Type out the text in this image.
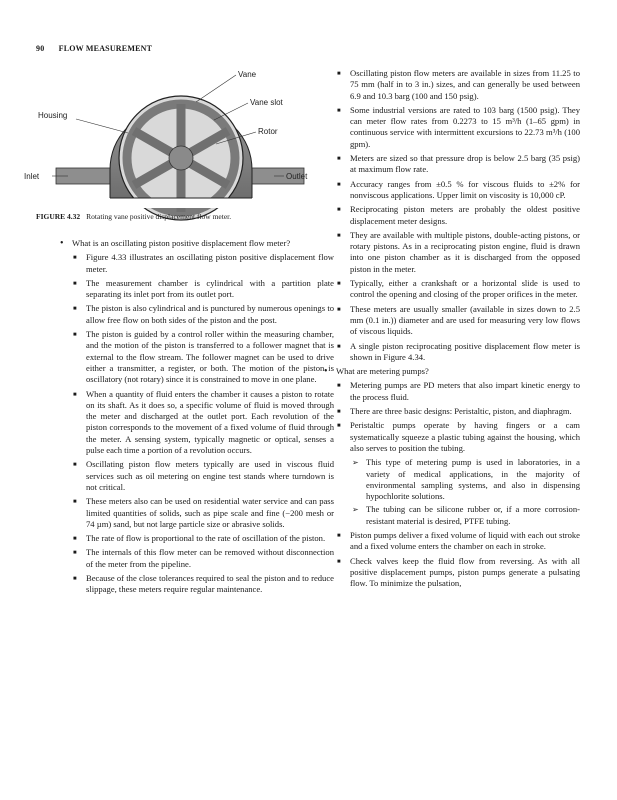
90 FLOW MEASUREMENT
Vane
Vane slot
Housing
Rotor
Inlet	Outlet
FIGURE 4.32 Rotating vane positive displacement flow meter.
• What is an oscillating piston positive displacement flow meter?
■ Figure 4.33 illustrates an oscillating piston positive displacement flow meter.
■ The measurement chamber is cylindrical with a partition plate separating its inlet port from its outlet port.
■ The piston is also cylindrical and is punctured by numerous openings to allow free flow on both sides of the piston and the post.
■ The piston is guided by a control roller within the measuring chamber, and the motion of the piston is transferred to a follower magnet that is external to the flow stream. The follower magnet can be used to drive either a transmitter, a register, or both. The motion of the piston is oscillatory (not rotary) since it is constrained to move in one plane.
■ When a quantity of fluid enters the chamber it causes a piston to rotate on its shaft. As it does so, a specific volume of fluid is moved through the meter and discharged at the outlet port. Each revolution of the piston corresponds to the movement of a fixed volume of fluid through the meter. A sensing system, typically magnetic or optical, senses a pulse each time a portion of a revolution occurs.
■ Oscillating piston flow meters typically are used in viscous fluid services such as oil metering on engine test stands where turndown is not critical.
■ These meters also can be used on residential water service and can pass limited quantities of solids, such as pipe scale and fine (−200 mesh or 74 µm) sand, but not large particle size or abrasive solids.
■ The rate of flow is proportional to the rate of oscillation of the piston.
■ The internals of this flow meter can be removed without disconnection of the meter from the pipeline.
■ Because of the close tolerances required to seal the piston and to reduce slippage, these meters require regular maintenance.
■ Oscillating piston flow meters are available in sizes from 11.25 to 75 mm (half in to 3 in.) sizes, and can generally be used between 6.9 and 10.3 barg (100 and 150 psig).
■ Some industrial versions are rated to 103 barg (1500 psig). They can meter flow rates from 0.2273 to 15 m³/h (1–65 gpm) in continuous service with intermittent excursions to 22.73 m³/h (100 gpm).
■ Meters are sized so that pressure drop is below 2.5 barg (35 psig) at maximum flow rate.
■ Accuracy ranges from ±0.5 % for viscous fluids to ±2% for nonviscous applications. Upper limit on viscosity is 10,000 cP.
■ Reciprocating piston meters are probably the oldest positive displacement meter designs.
■ They are available with multiple pistons, double-acting pistons, or rotary pistons. As in a reciprocating piston engine, fluid is drawn into one piston chamber as it is discharged from the opposed piston in the meter.
■ Typically, either a crankshaft or a horizontal slide is used to control the opening and closing of the proper orifices in the meter.
■ These meters are usually smaller (available in sizes down to 2.5 mm (0.1 in.)) diameter and are used for measuring very low flows of viscous liquids.
■ A single piston reciprocating positive displacement flow meter is shown in Figure 4.34.
• What are metering pumps?
■ Metering pumps are PD meters that also impart kinetic energy to the process fluid.
■ There are three basic designs: Peristaltic, piston, and diaphragm.
■ Peristaltic pumps operate by having fingers or a cam systematically squeeze a plastic tubing against the housing, which also serves to position the tubing.
➢ This type of metering pump is used in laboratories, in a variety of medical applications, in the majority of environmental sampling systems, and also in dispensing hypochlorite solutions.
➢ The tubing can be silicone rubber or, if a more corrosion-resistant material is desired, PTFE tubing.
■ Piston pumps deliver a fixed volume of liquid with each out stroke and a fixed volume enters the chamber on each in stroke.
■ Check valves keep the fluid flow from reversing. As with all positive displacement pumps, piston pumps generate a pulsating flow. To minimize the pulsation,
